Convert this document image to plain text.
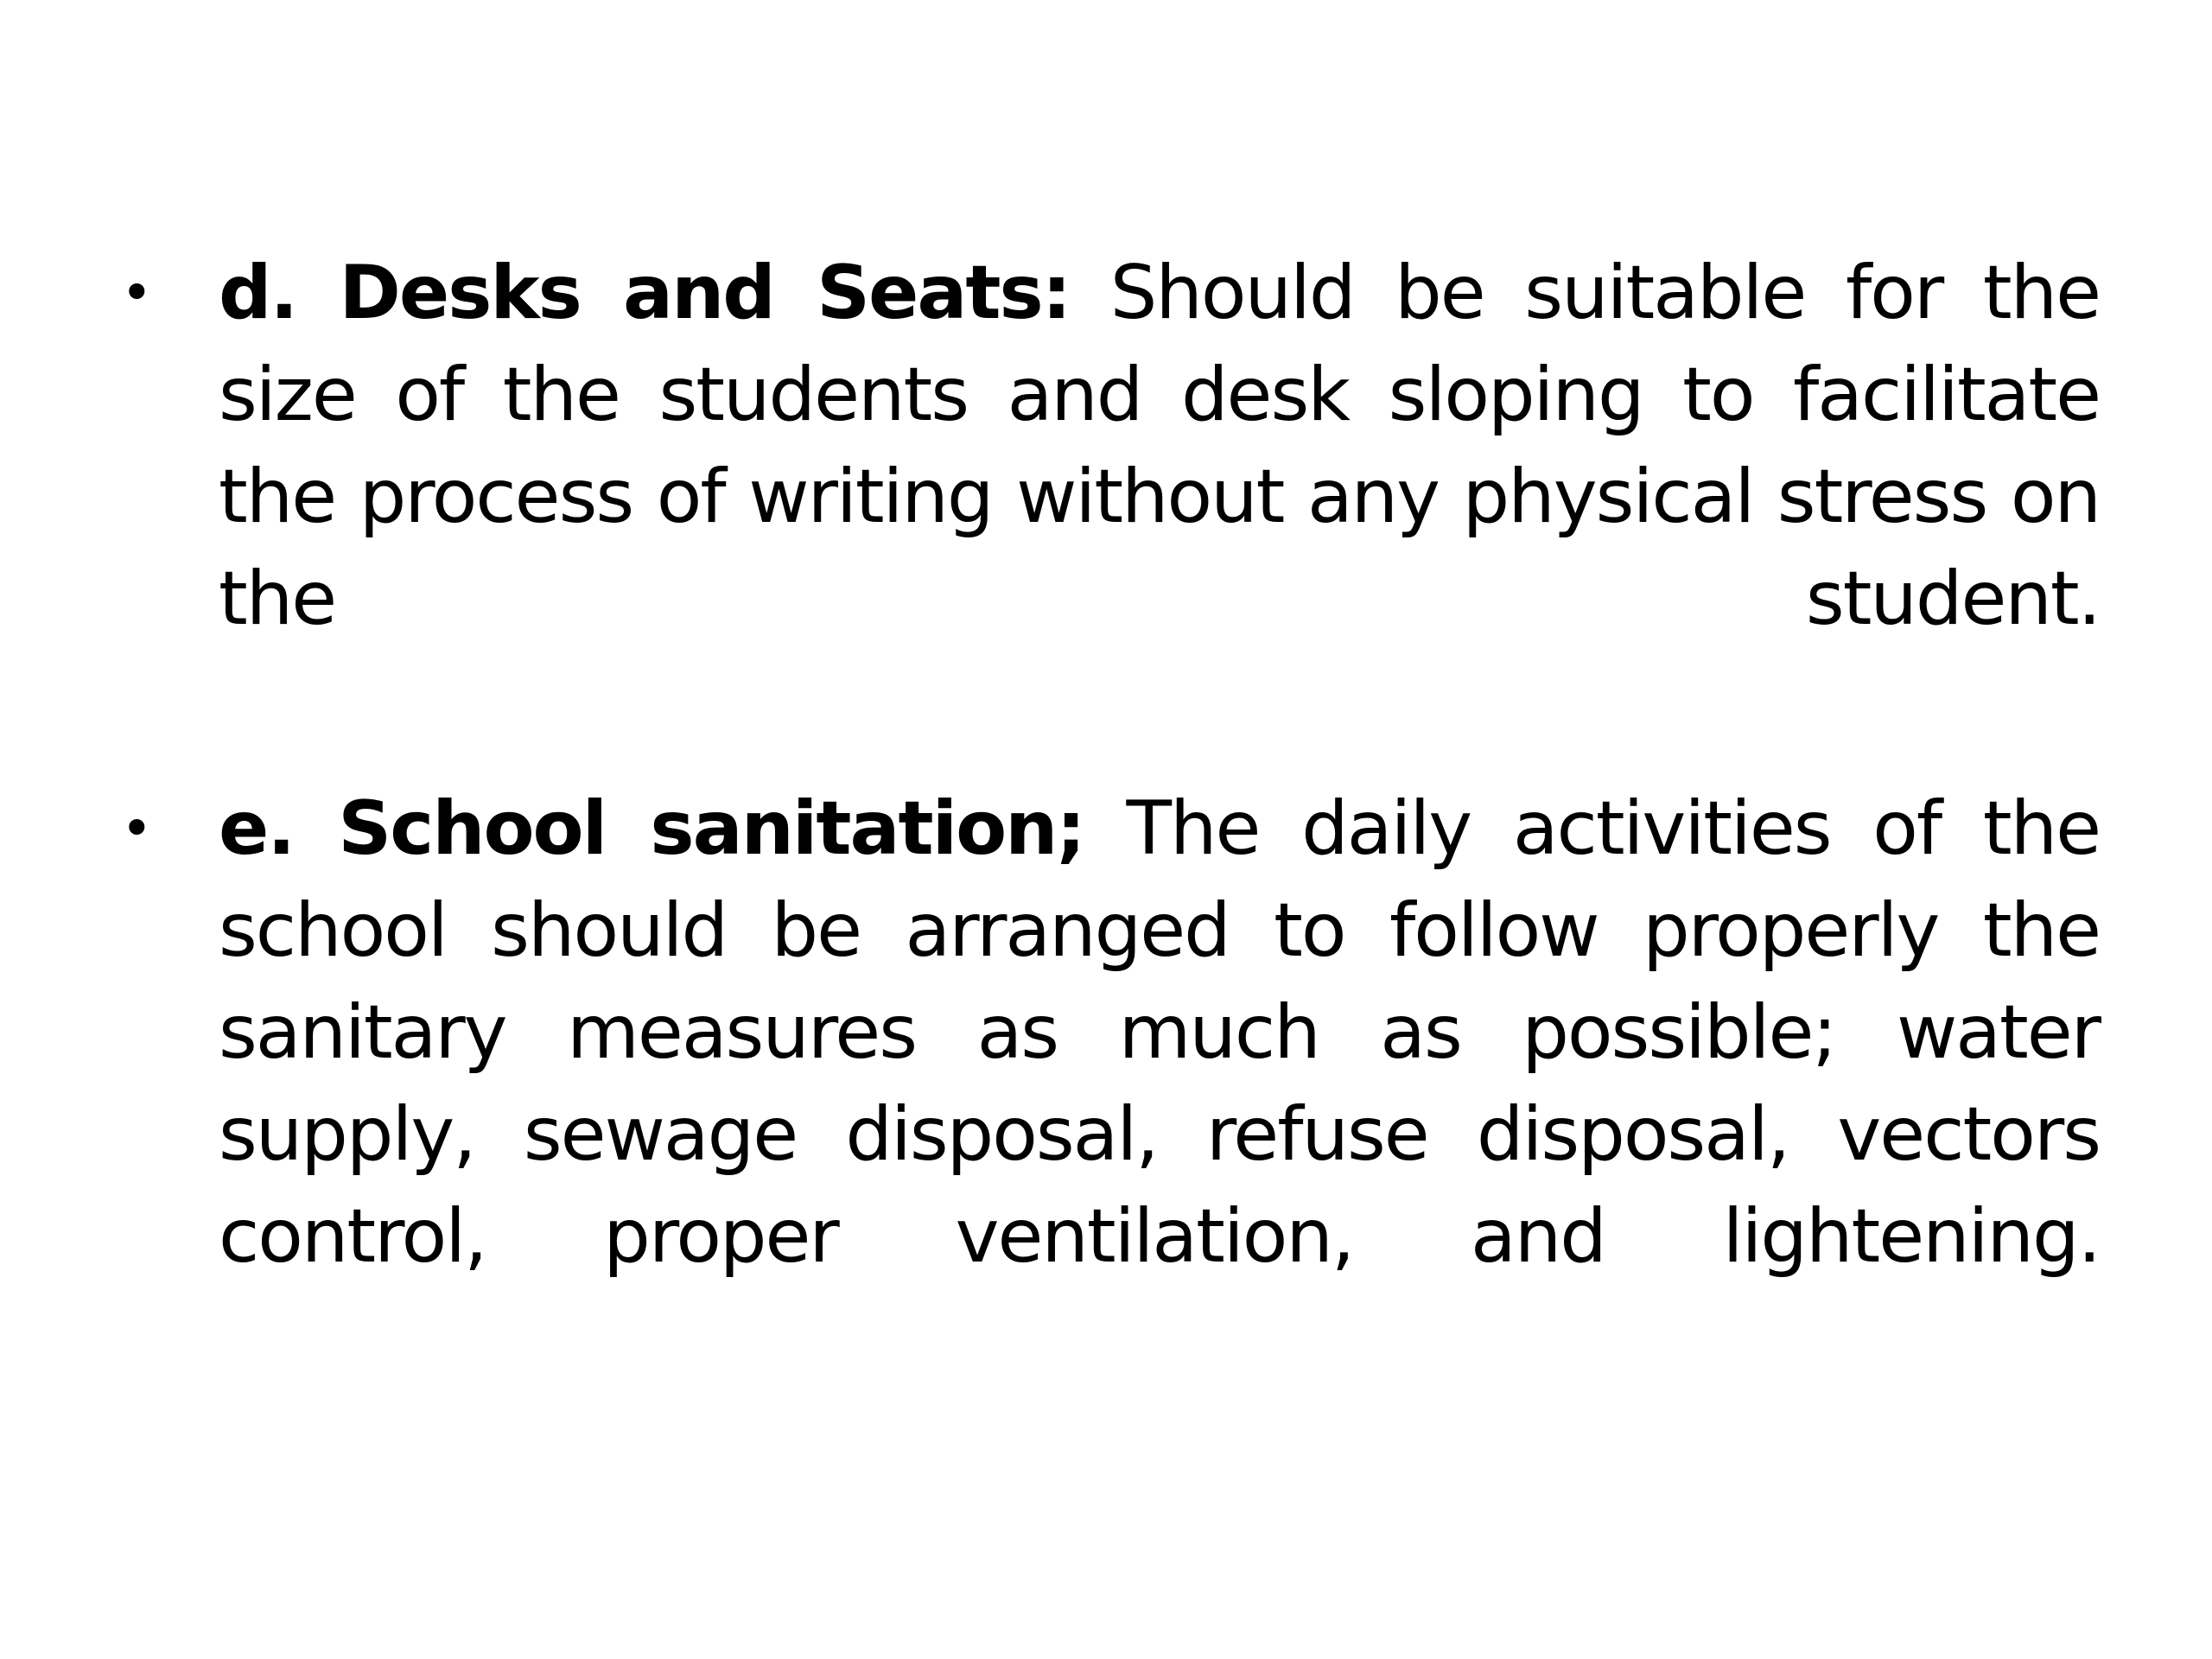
• d. Desks and Seats: Should be suitable for the size of the students and desk sloping to facilitate the process of writing without any physical stress on the student.
• e. School sanitation; The daily activities of the school should be arranged to follow properly the sanitary measures as much as possible; water supply, sewage disposal, refuse disposal, vectors control, proper ventilation, and lightening.
